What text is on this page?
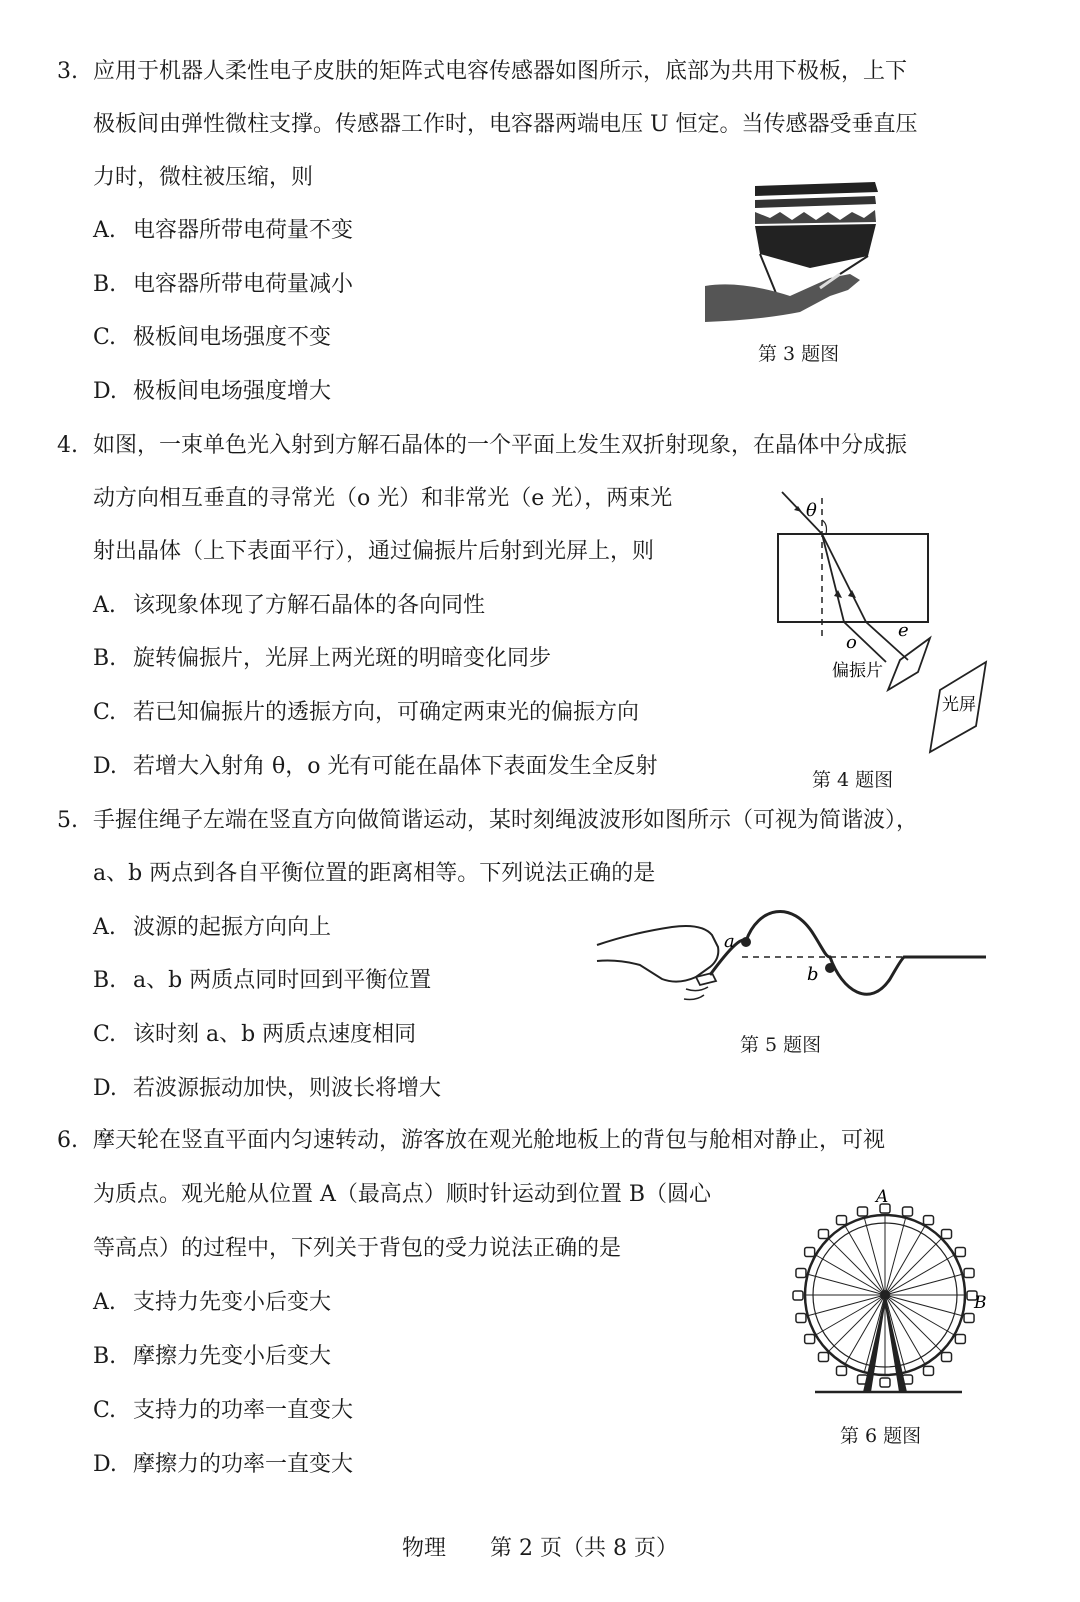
3. 应用于机器人柔性电子皮肤的矩阵式电容传感器如图所示，底部为共用下极板，上下
极板间由弹性微柱支撑。传感器工作时，电容器两端电压 U 恒定。当传感器受垂直压
力时，微柱被压缩，则
A. 电容器所带电荷量不变
B. 电容器所带电荷量减小
C. 极板间电场强度不变
D. 极板间电场强度增大
第 3 题图
4. 如图，一束单色光入射到方解石晶体的一个平面上发生双折射现象，在晶体中分成振
动方向相互垂直的寻常光（o 光）和非常光（e 光），两束光
射出晶体（上下表面平行），通过偏振片后射到光屏上，则
A. 该现象体现了方解石晶体的各向同性
B. 旋转偏振片，光屏上两光斑的明暗变化同步
C. 若已知偏振片的透振方向，可确定两束光的偏振方向
D. 若增大入射角 θ，o 光有可能在晶体下表面发生全反射
θ
o
e
偏振片
光屏
第 4 题图
5. 手握住绳子左端在竖直方向做简谐运动，某时刻绳波波形如图所示（可视为简谐波），
a、b 两点到各自平衡位置的距离相等。下列说法正确的是
A. 波源的起振方向向上
B. a、b 两质点同时回到平衡位置
C. 该时刻 a、b 两质点速度相同
D. 若波源振动加快，则波长将增大
a
b
第 5 题图
6. 摩天轮在竖直平面内匀速转动，游客放在观光舱地板上的背包与舱相对静止，可视
为质点。观光舱从位置 A（最高点）顺时针运动到位置 B（圆心
等高点）的过程中，下列关于背包的受力说法正确的是
A. 支持力先变小后变大
B. 摩擦力先变小后变大
C. 支持力的功率一直变大
D. 摩擦力的功率一直变大
A
B
第 6 题图
物理 第 2 页（共 8 页）
